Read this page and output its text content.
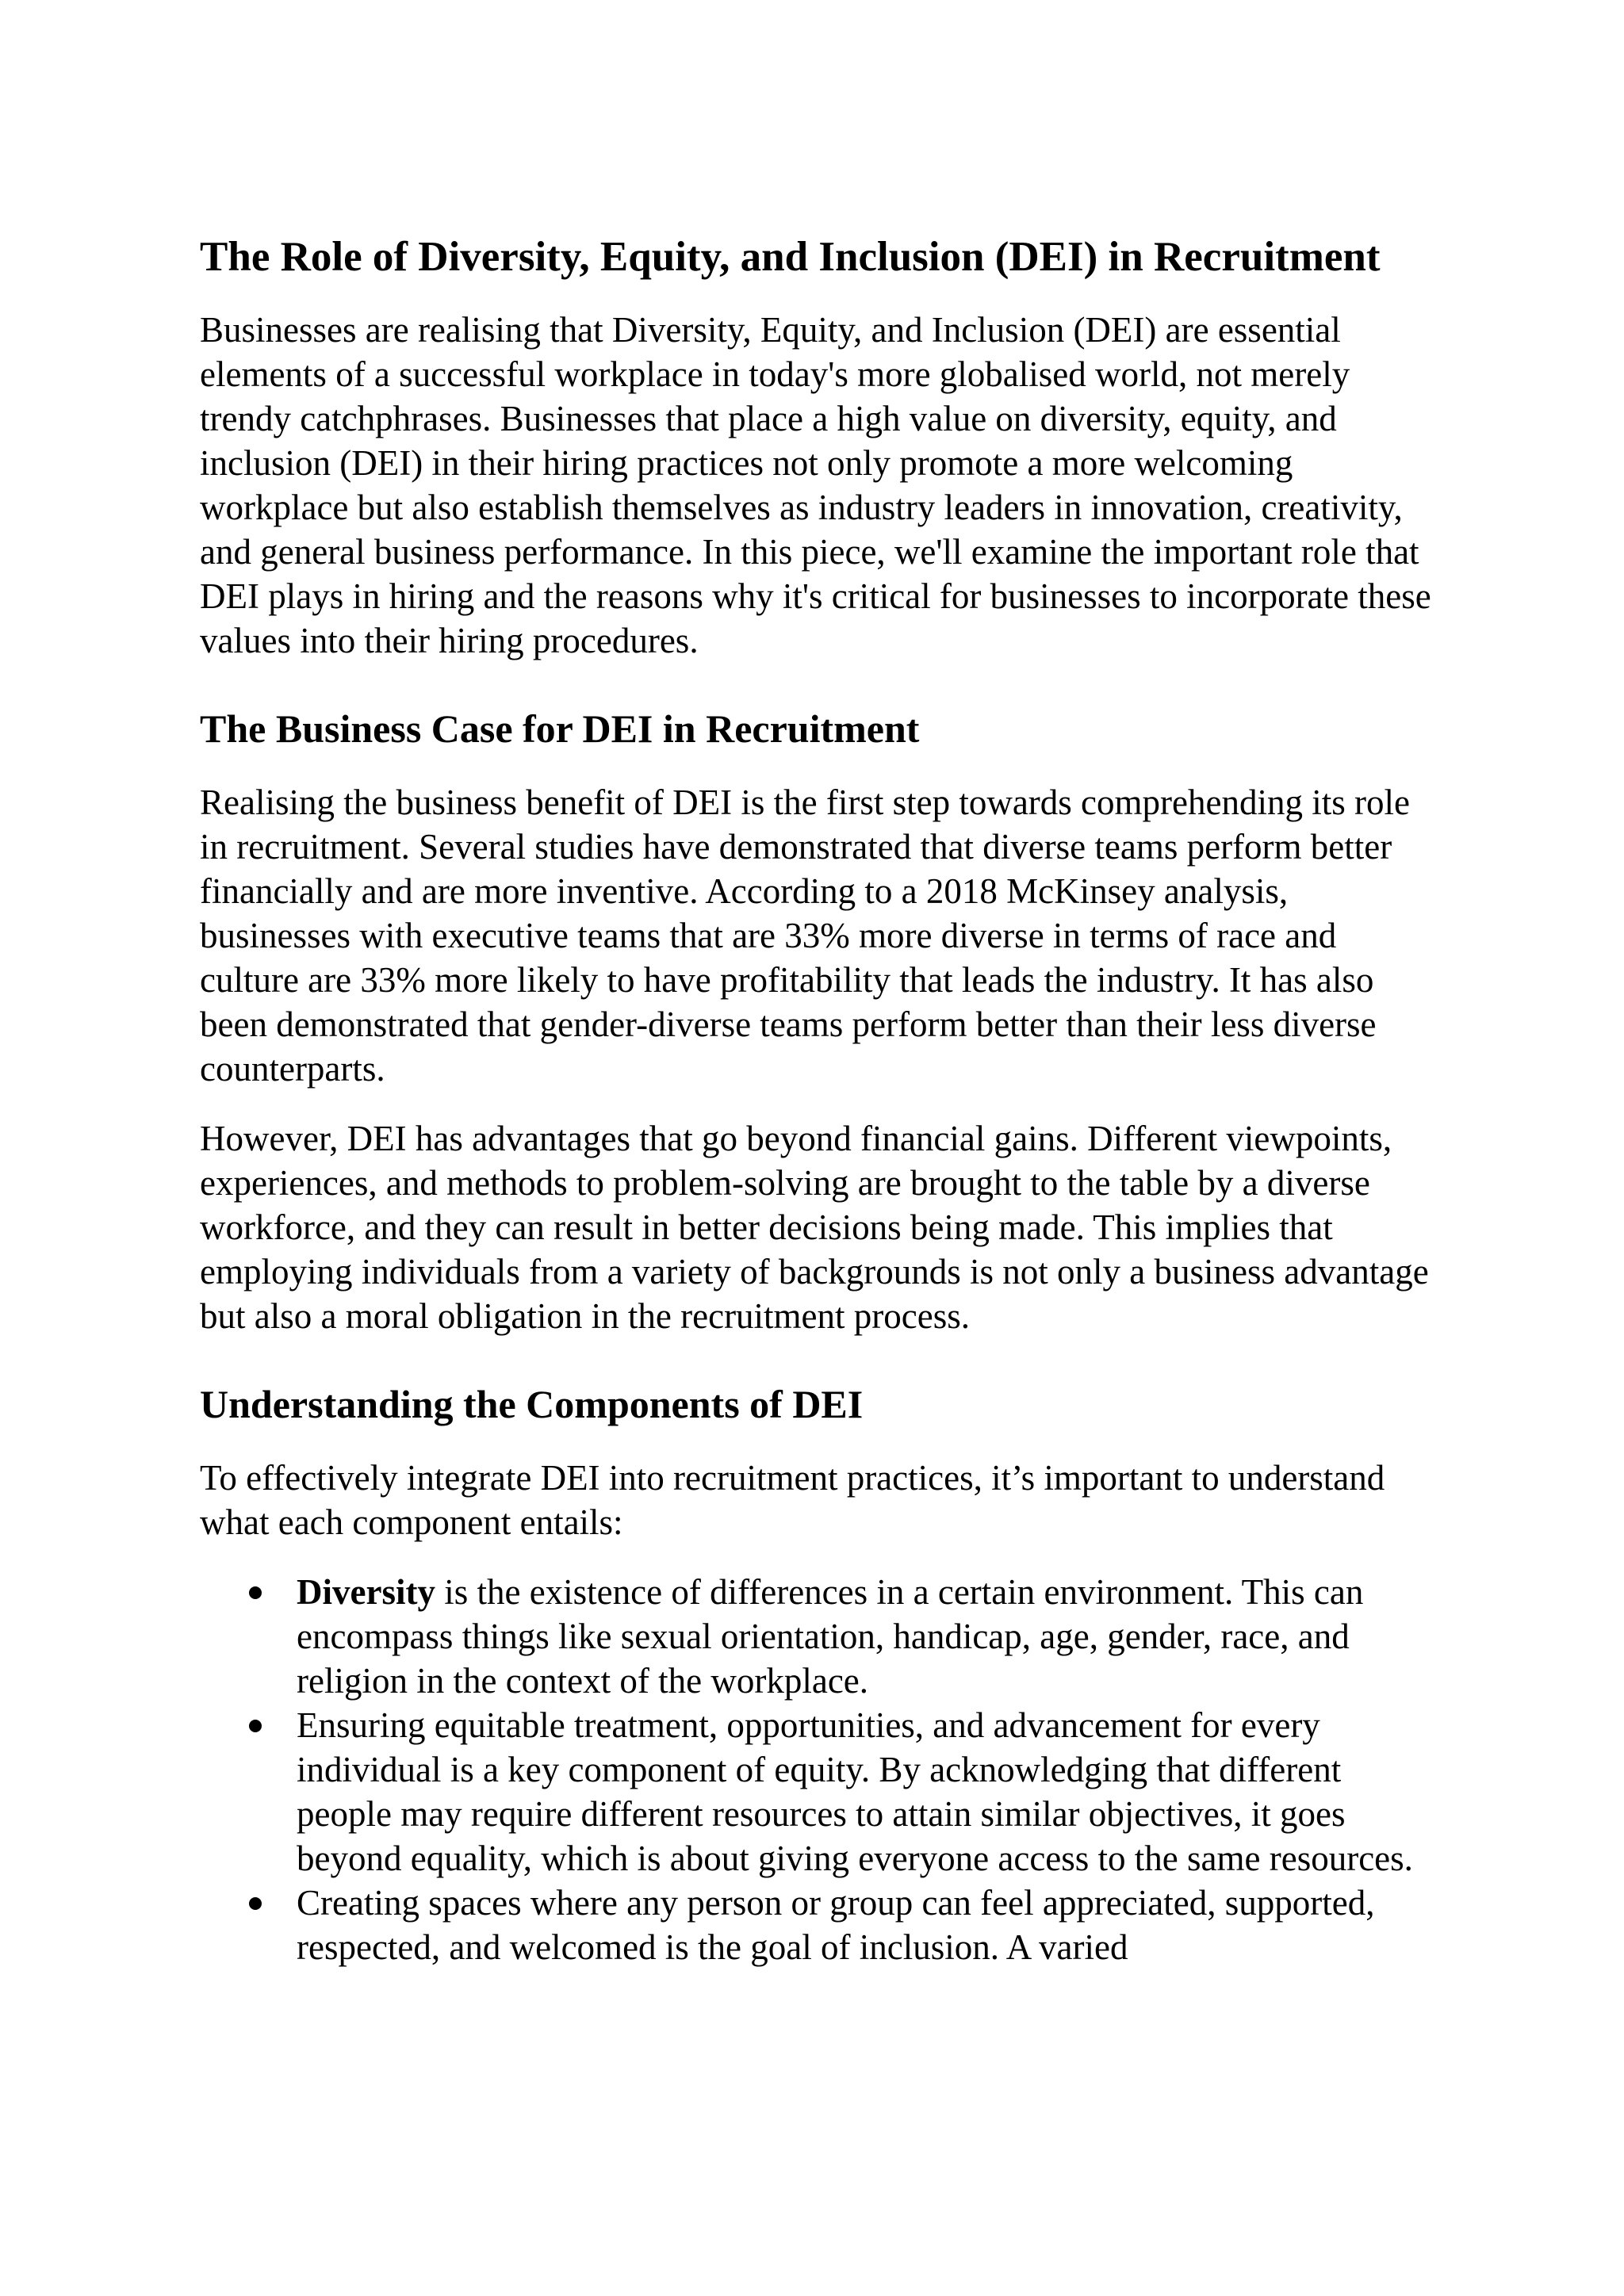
The Role of Diversity, Equity, and Inclusion (DEI) in Recruitment

Businesses are realising that Diversity, Equity, and Inclusion (DEI) are essential elements of a successful workplace in today's more globalised world, not merely trendy catchphrases. Businesses that place a high value on diversity, equity, and inclusion (DEI) in their hiring practices not only promote a more welcoming workplace but also establish themselves as industry leaders in innovation, creativity, and general business performance. In this piece, we'll examine the important role that DEI plays in hiring and the reasons why it's critical for businesses to incorporate these values into their hiring procedures.

The Business Case for DEI in Recruitment

Realising the business benefit of DEI is the first step towards comprehending its role in recruitment. Several studies have demonstrated that diverse teams perform better financially and are more inventive. According to a 2018 McKinsey analysis, businesses with executive teams that are 33% more diverse in terms of race and culture are 33% more likely to have profitability that leads the industry. It has also been demonstrated that gender-diverse teams perform better than their less diverse counterparts.

However, DEI has advantages that go beyond financial gains. Different viewpoints, experiences, and methods to problem-solving are brought to the table by a diverse workforce, and they can result in better decisions being made. This implies that employing individuals from a variety of backgrounds is not only a business advantage but also a moral obligation in the recruitment process.

Understanding the Components of DEI

To effectively integrate DEI into recruitment practices, it’s important to understand what each component entails:

Diversity is the existence of differences in a certain environment. This can encompass things like sexual orientation, handicap, age, gender, race, and religion in the context of the workplace.
Ensuring equitable treatment, opportunities, and advancement for every individual is a key component of equity. By acknowledging that different people may require different resources to attain similar objectives, it goes beyond equality, which is about giving everyone access to the same resources.
Creating spaces where any person or group can feel appreciated, supported, respected, and welcomed is the goal of inclusion. A varied
